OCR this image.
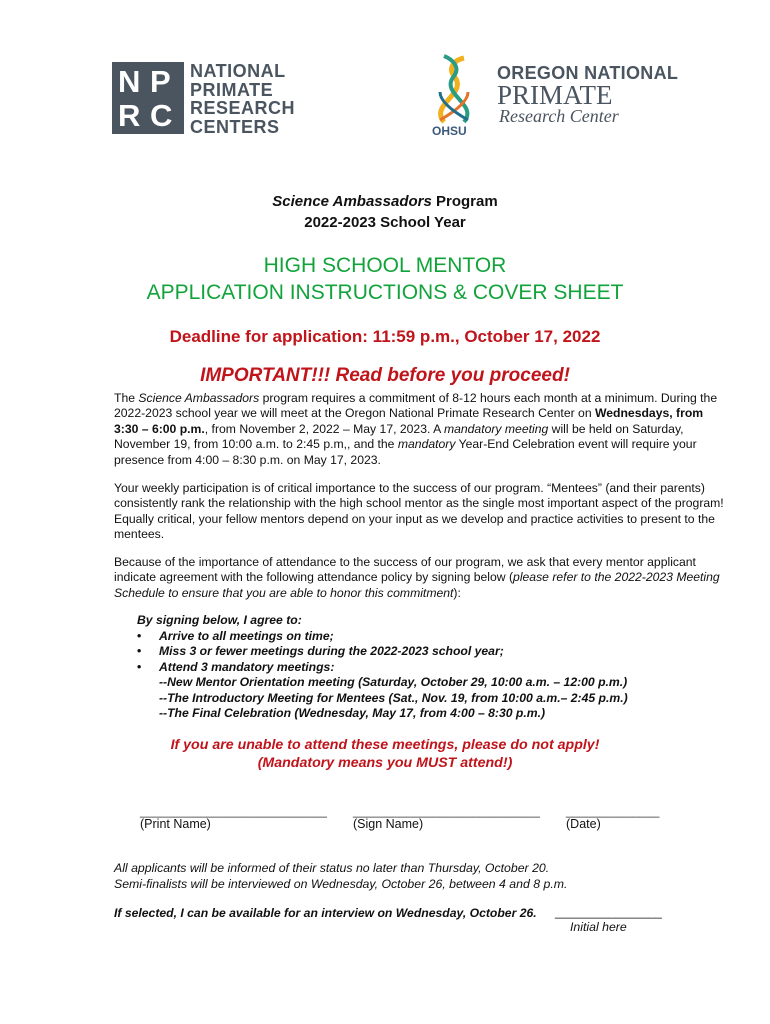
N P
R C
NATIONAL
PRIMATE
RESEARCH
CENTERS	OHSU
OREGON NATIONAL
PRIMATE
Research Center
Science Ambassadors Program
2022-2023 School Year
HIGH SCHOOL MENTOR
APPLICATION INSTRUCTIONS & COVER SHEET
Deadline for application: 11:59 p.m., October 17, 2022
IMPORTANT!!! Read before you proceed!
The Science Ambassadors program requires a commitment of 8-12 hours each month at a minimum. During the 2022-2023 school year we will meet at the Oregon National Primate Research Center on Wednesdays, from 3:30 – 6:00 p.m., from November 2, 2022 – May 17, 2023. A mandatory meeting will be held on Saturday, November 19, from 10:00 a.m. to 2:45 p.m,, and the mandatory Year-End Celebration event will require your presence from 4:00 – 8:30 p.m. on May 17, 2023.
Your weekly participation is of critical importance to the success of our program. “Mentees” (and their parents) consistently rank the relationship with the high school mentor as the single most important aspect of the program! Equally critical, your fellow mentors depend on your input as we develop and practice activities to present to the mentees.
Because of the importance of attendance to the success of our program, we ask that every mentor applicant indicate agreement with the following attendance policy by signing below (please refer to the 2022-2023 Meeting Schedule to ensure that you are able to honor this commitment):
By signing below, I agree to:
• Arrive to all meetings on time;
• Miss 3 or fewer meetings during the 2022-2023 school year;
• Attend 3 mandatory meetings:
--New Mentor Orientation meeting (Saturday, October 29, 10:00 a.m. – 12:00 p.m.)
--The Introductory Meeting for Mentees (Sat., Nov. 19, from 10:00 a.m.– 2:45 p.m.)
--The Final Celebration (Wednesday, May 17, from 4:00 – 8:30 p.m.)
If you are unable to attend these meetings, please do not apply!
(Mandatory means you MUST attend!)
____________________________ ____________________________ ______________
(Print Name)	(Sign Name)	(Date)
All applicants will be informed of their status no later than Thursday, October 20.
Semi-finalists will be interviewed on Wednesday, October 26, between 4 and 8 p.m.
If selected, I can be available for an interview on Wednesday, October 26. ________________
Initial here
